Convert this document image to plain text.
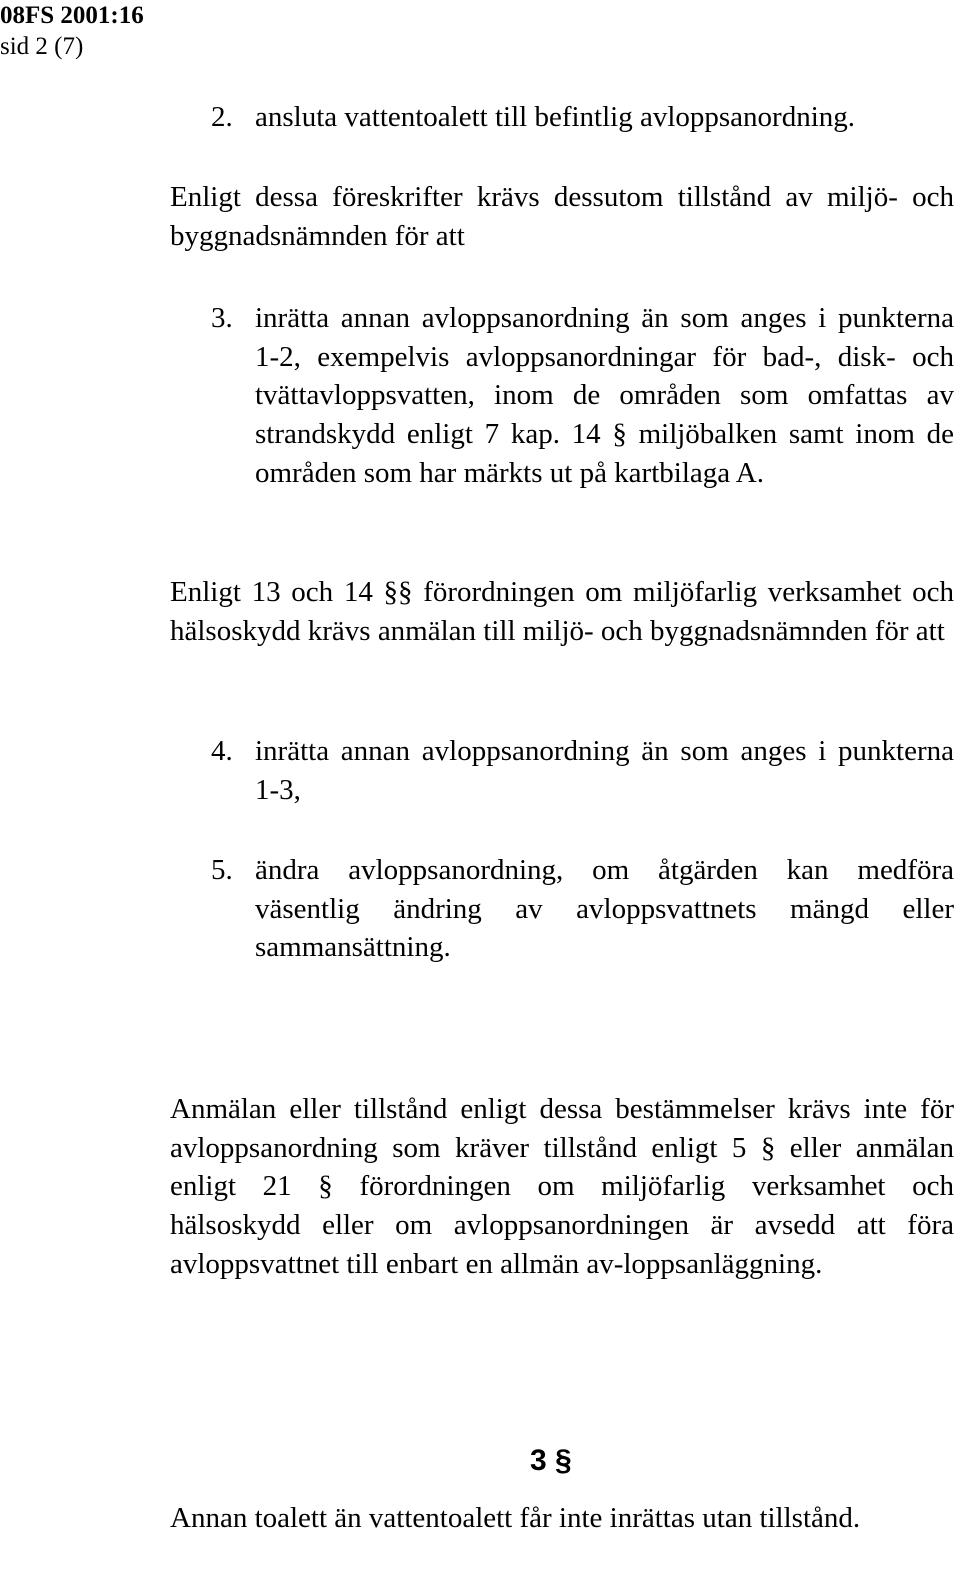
08FS 2001:16
sid 2 (7)
2. ansluta vattentoalett till befintlig avloppsanordning.

Enligt dessa föreskrifter krävs dessutom tillstånd av miljö- och byggnadsnämnden för att

3. inrätta annan avloppsanordning än som anges i punkterna 1-2, exempelvis avloppsanordningar för bad-, disk- och tvättavloppsvatten, inom de områden som omfattas av strandskydd enligt 7 kap. 14 § miljöbalken samt inom de områden som har märkts ut på kartbilaga A.

Enligt 13 och 14 §§ förordningen om miljöfarlig verksamhet och hälsoskydd krävs anmälan till miljö- och byggnadsnämnden för att

4. inrätta annan avloppsanordning än som anges i punkterna 1-3,
5. ändra avloppsanordning, om åtgärden kan medföra väsentlig ändring av avloppsvattnets mängd eller sammansättning.

Anmälan eller tillstånd enligt dessa bestämmelser krävs inte för avloppsanordning som kräver tillstånd enligt 5 § eller anmälan enligt 21 § förordningen om miljöfarlig verksamhet och hälsoskydd eller om avloppsanordningen är avsedd att föra avloppsvattnet till enbart en allmän av-loppsanläggning.

3 §

Annan toalett än vattentoalett får inte inrättas utan tillstånd.
